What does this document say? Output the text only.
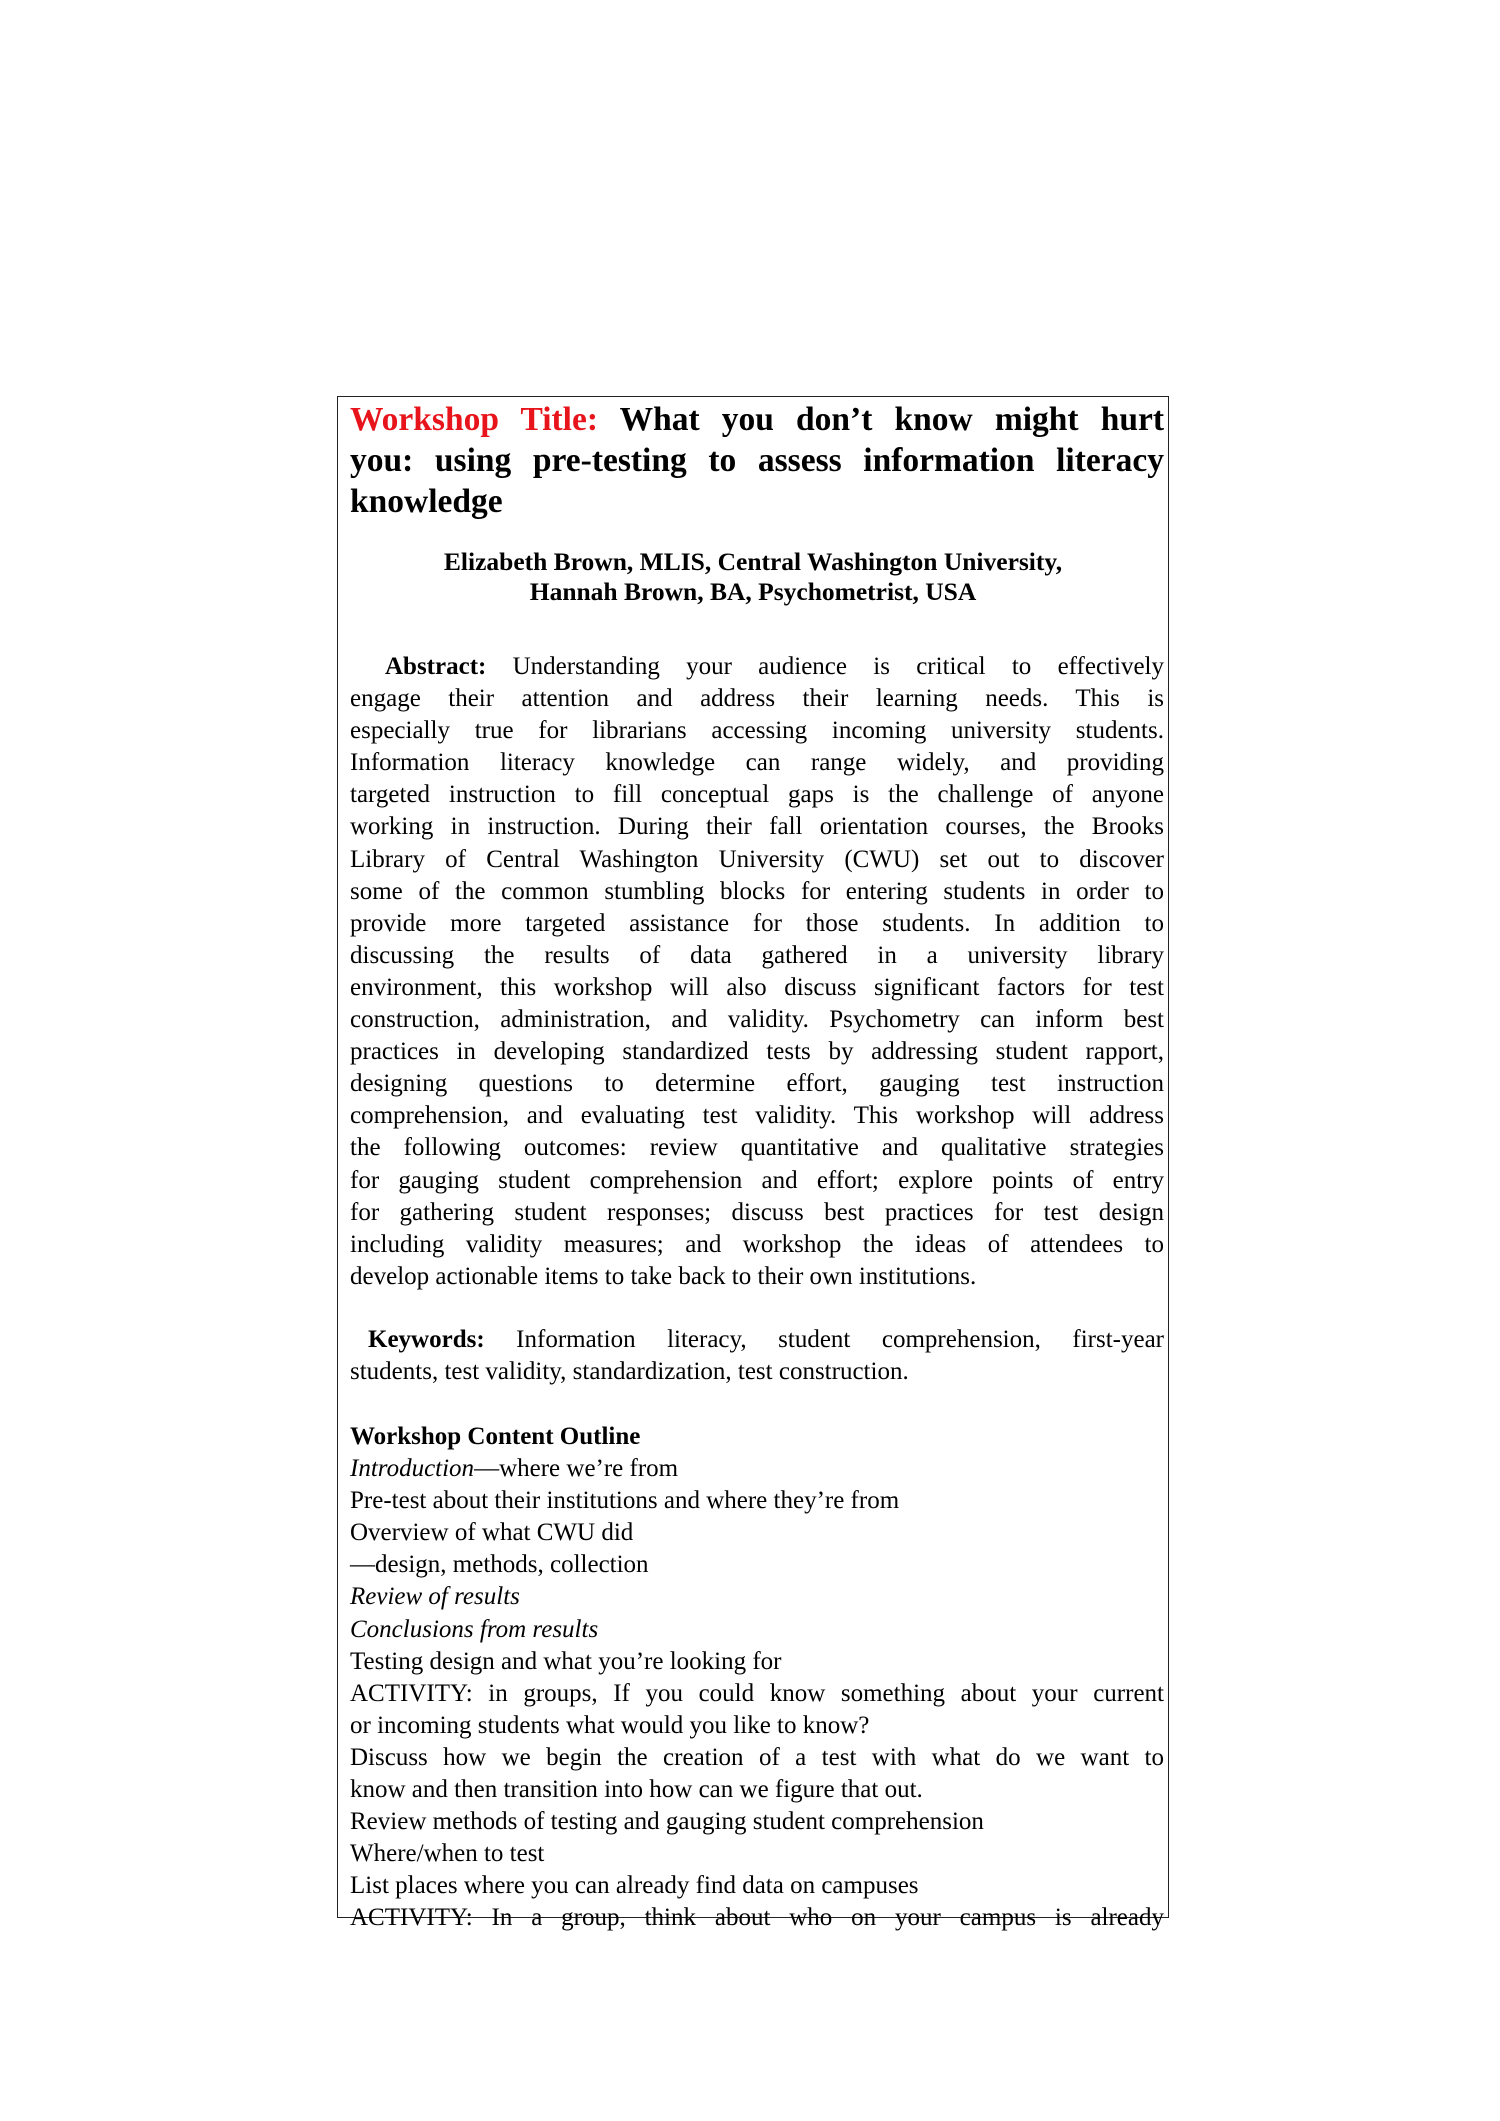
Workshop Title: What you don’t know might hurt
you: using pre-testing to assess information literacy
knowledge
Elizabeth Brown, MLIS, Central Washington University,
Hannah Brown, BA, Psychometrist, USA
Abstract: Understanding your audience is critical to effectively
engage their attention and address their learning needs. This is
especially true for librarians accessing incoming university students.
Information literacy knowledge can range widely, and providing
targeted instruction to fill conceptual gaps is the challenge of anyone
working in instruction. During their fall orientation courses, the Brooks
Library of Central Washington University (CWU) set out to discover
some of the common stumbling blocks for entering students in order to
provide more targeted assistance for those students. In addition to
discussing the results of data gathered in a university library
environment, this workshop will also discuss significant factors for test
construction, administration, and validity. Psychometry can inform best
practices in developing standardized tests by addressing student rapport,
designing questions to determine effort, gauging test instruction
comprehension, and evaluating test validity. This workshop will address
the following outcomes: review quantitative and qualitative strategies
for gauging student comprehension and effort; explore points of entry
for gathering student responses; discuss best practices for test design
including validity measures; and workshop the ideas of attendees to
develop actionable items to take back to their own institutions.
Keywords: Information literacy, student comprehension, first-year
students, test validity, standardization, test construction.
Workshop Content Outline
Introduction—where we’re from
Pre-test about their institutions and where they’re from
Overview of what CWU did
—design, methods, collection
Review of results
Conclusions from results
Testing design and what you’re looking for
ACTIVITY: in groups, If you could know something about your current
or incoming students what would you like to know?
Discuss how we begin the creation of a test with what do we want to
know and then transition into how can we figure that out.
Review methods of testing and gauging student comprehension
Where/when to test
List places where you can already find data on campuses
ACTIVITY: In a group, think about who on your campus is already
